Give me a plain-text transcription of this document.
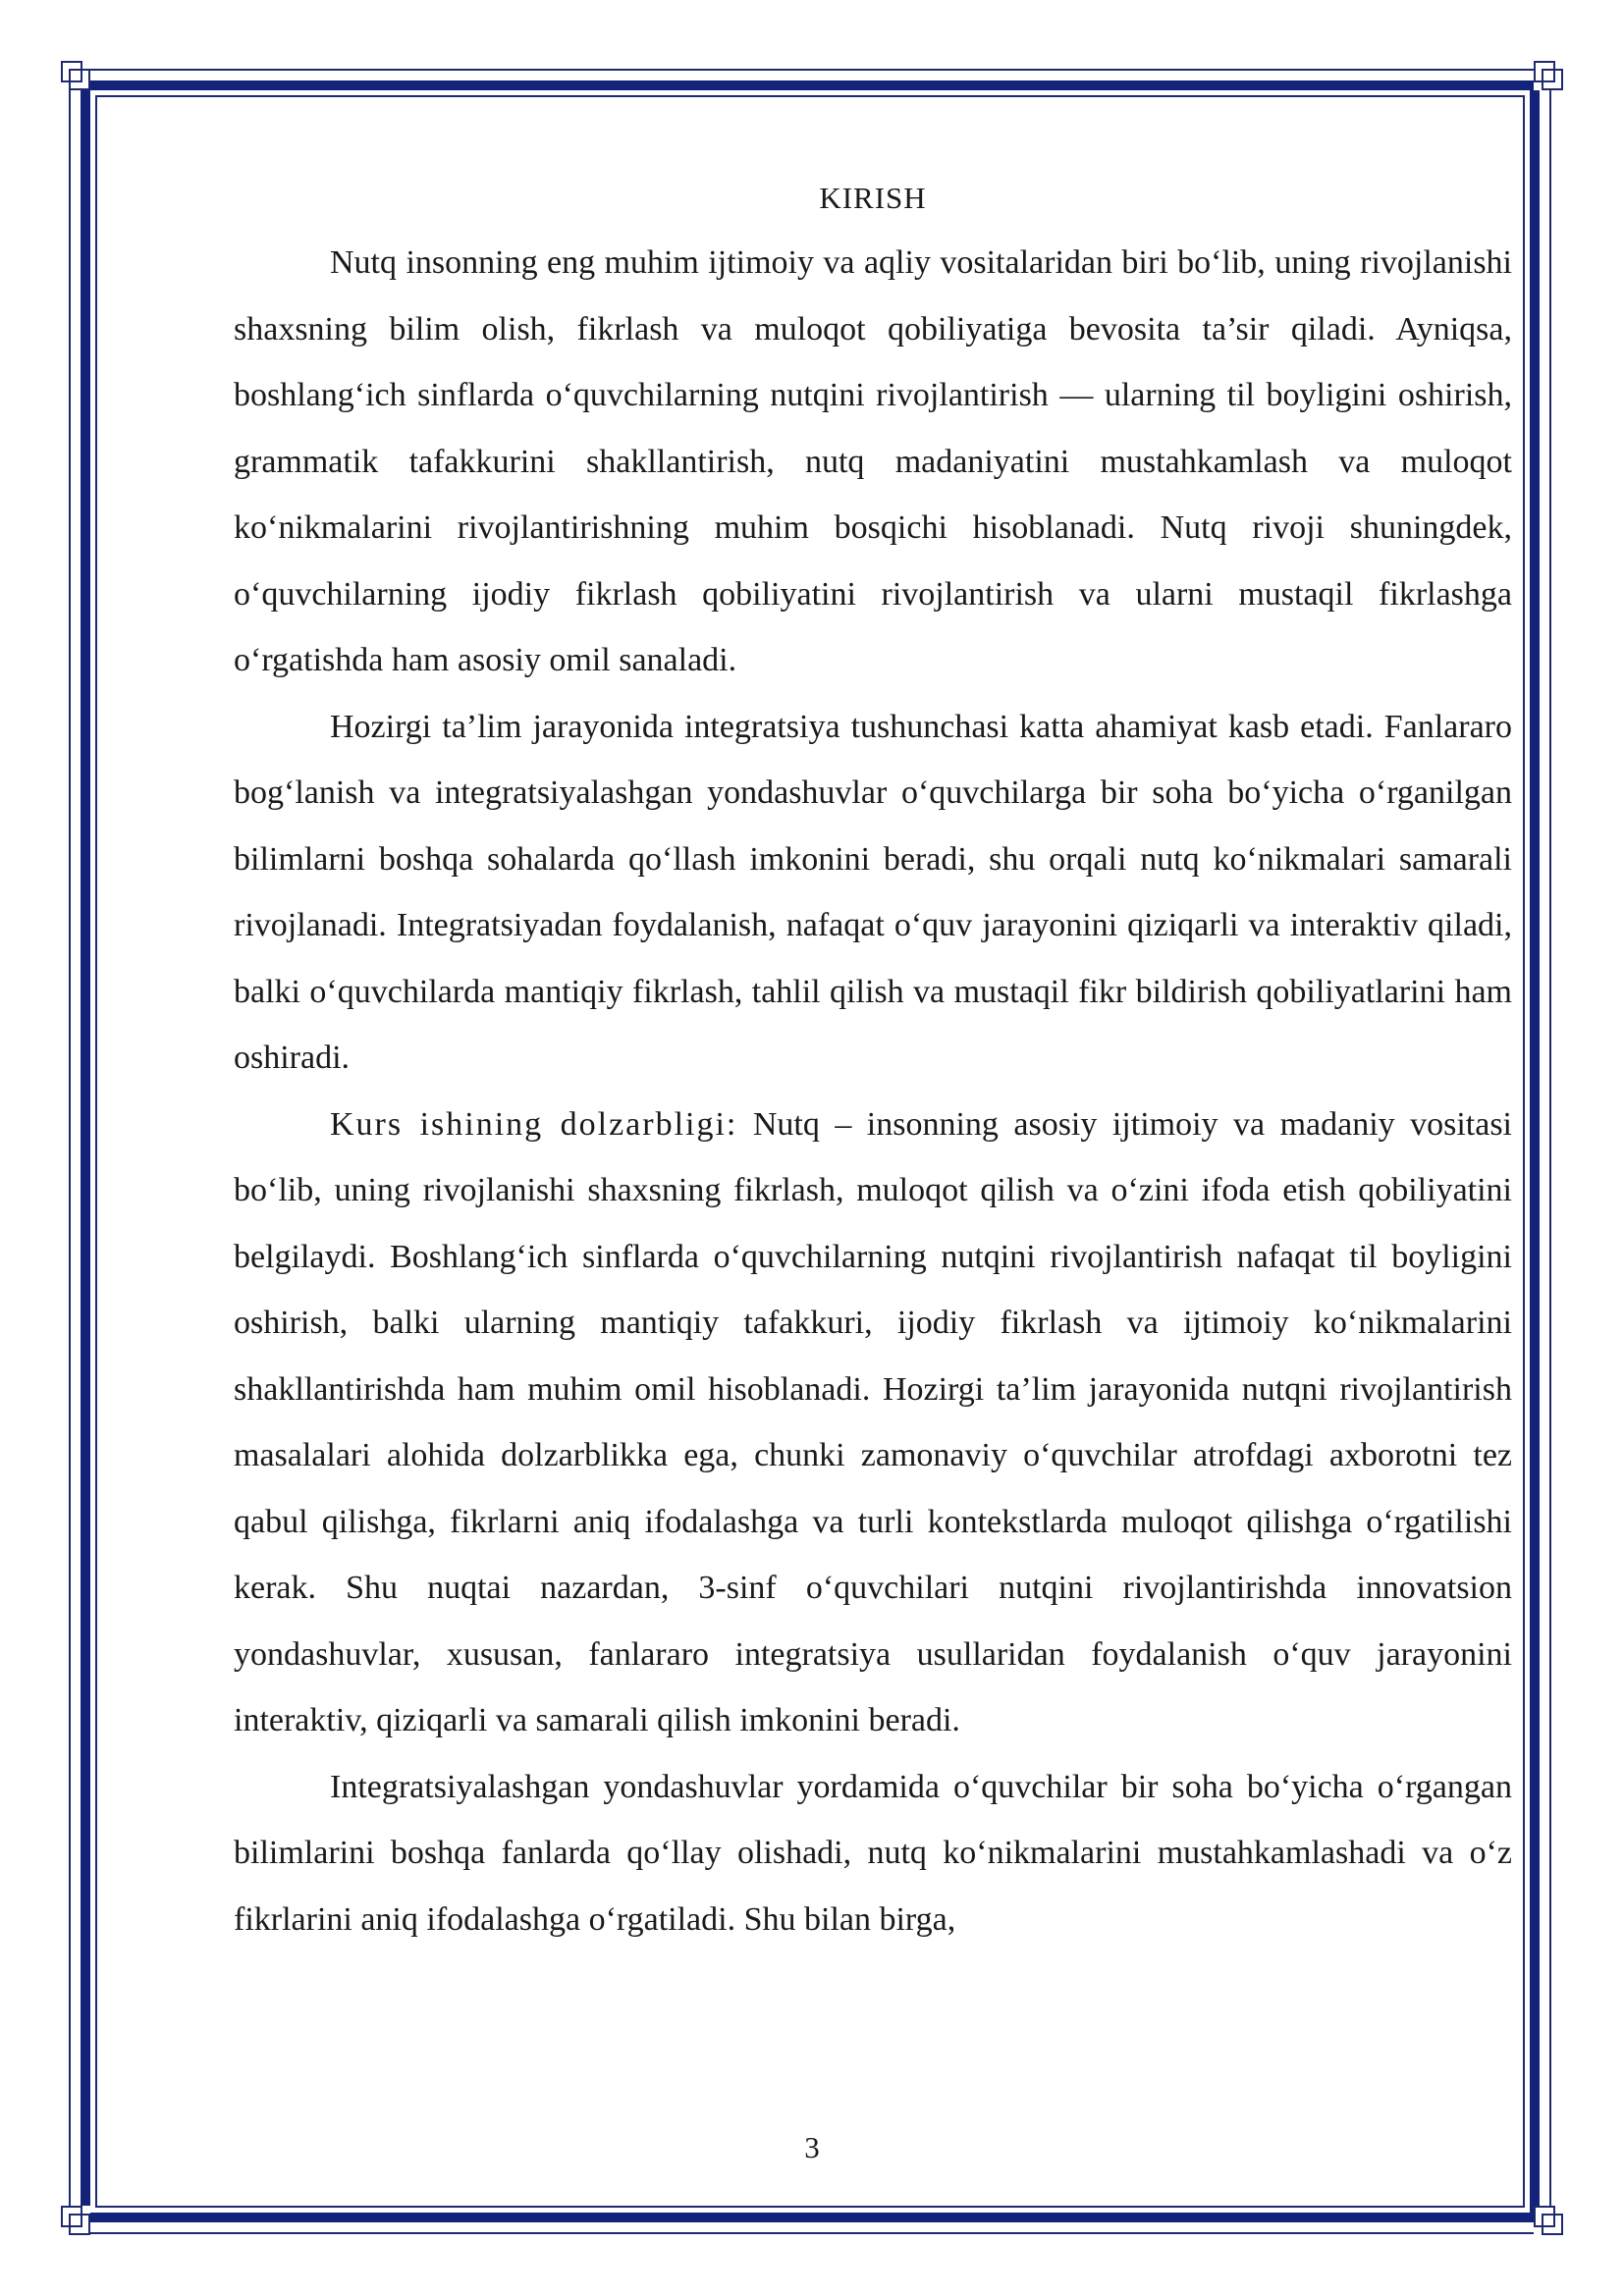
KIRISH

Nutq insonning eng muhim ijtimoiy va aqliy vositalaridan biri bo‘lib, uning rivojlanishi shaxsning bilim olish, fikrlash va muloqot qobiliyatiga bevosita ta’sir qiladi. Ayniqsa, boshlang‘ich sinflarda o‘quvchilarning nutqini rivojlantirish — ularning til boyligini oshirish, grammatik tafakkurini shakllantirish, nutq madaniyatini mustahkamlash va muloqot ko‘nikmalarini rivojlantirishning muhim bosqichi hisoblanadi. Nutq rivoji shuningdek, o‘quvchilarning ijodiy fikrlash qobiliyatini rivojlantirish va ularni mustaqil fikrlashga o‘rgatishda ham asosiy omil sanaladi.

Hozirgi ta’lim jarayonida integratsiya tushunchasi katta ahamiyat kasb etadi. Fanlararo bog‘lanish va integratsiyalashgan yondashuvlar o‘quvchilarga bir soha bo‘yicha o‘rganilgan bilimlarni boshqa sohalarda qo‘llash imkonini beradi, shu orqali nutq ko‘nikmalari samarali rivojlanadi. Integratsiyadan foydalanish, nafaqat o‘quv jarayonini qiziqarli va interaktiv qiladi, balki o‘quvchilarda mantiqiy fikrlash, tahlil qilish va mustaqil fikr bildirish qobiliyatlarini ham oshiradi.

Kurs ishining dolzarbligi: Nutq – insonning asosiy ijtimoiy va madaniy vositasi bo‘lib, uning rivojlanishi shaxsning fikrlash, muloqot qilish va o‘zini ifoda etish qobiliyatini belgilaydi. Boshlang‘ich sinflarda o‘quvchilarning nutqini rivojlantirish nafaqat til boyligini oshirish, balki ularning mantiqiy tafakkuri, ijodiy fikrlash va ijtimoiy ko‘nikmalarini shakllantirishda ham muhim omil hisoblanadi. Hozirgi ta’lim jarayonida nutqni rivojlantirish masalalari alohida dolzarblikka ega, chunki zamonaviy o‘quvchilar atrofdagi axborotni tez qabul qilishga, fikrlarni aniq ifodalashga va turli kontekstlarda muloqot qilishga o‘rgatilishi kerak. Shu nuqtai nazardan, 3-sinf o‘quvchilari nutqini rivojlantirishda innovatsion yondashuvlar, xususan, fanlararo integratsiya usullaridan foydalanish o‘quv jarayonini interaktiv, qiziqarli va samarali qilish imkonini beradi.

Integratsiyalashgan yondashuvlar yordamida o‘quvchilar bir soha bo‘yicha o‘rgangan bilimlarini boshqa fanlarda qo‘llay olishadi, nutq ko‘nikmalarini mustahkamlashadi va o‘z fikrlarini aniq ifodalashga o‘rgatiladi. Shu bilan birga,

3
